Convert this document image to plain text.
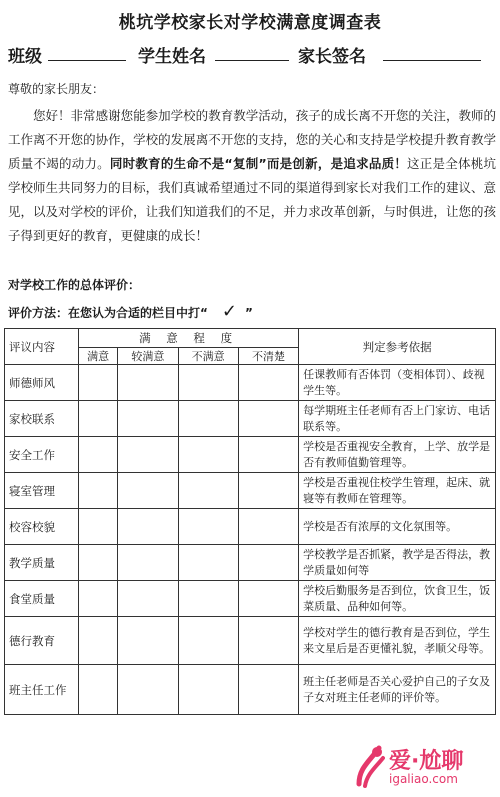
桃坑学校家长对学校满意度调查表
班级	学生姓名	家长签名
尊敬的家长朋友：
您好！非常感谢您能参加学校的教育教学活动，孩子的成长离不开您的关注，教师的工作离不开您的协作，学校的发展离不开您的支持，您的关心和支持是学校提升教育教学质量不竭的动力。同时教育的生命不是“复制”而是创新，是追求品质！这正是全体桃坑学校师生共同努力的目标，我们真诚希望通过不同的渠道得到家长对我们工作的建议、意见，以及对学校的评价，让我们知道我们的不足，并力求改革创新，与时俱进，让您的孩子得到更好的教育，更健康的成长！
对学校工作的总体评价：
评价方法：在您认为合适的栏目中打“ ✓ ”
评议内容	满 意 程 度				判定参考依据
	满意	较满意	不满意	不清楚	
师德师风					任课教师有否体罚（变相体罚）、歧视学生等。
家校联系					每学期班主任老师有否上门家访、电话联系等。
安全工作					学校是否重视安全教育，上学、放学是否有教师值勤管理等。
寝室管理					学校是否重视住校学生管理，起床、就寝等有教师在管理等。
校容校貌					学校是否有浓厚的文化氛围等。
教学质量					学校教学是否抓紧，教学是否得法，教学质量如何等
食堂质量					学校后勤服务是否到位，饮食卫生，饭菜质量、品种如何等。
德行教育					学校对学生的德行教育是否到位，学生来文星后是否更懂礼貌，孝顺父母等。
班主任工作					班主任老师是否关心爱护自己的子女及子女对班主任老师的评价等。
爱·尬聊
igaliao.com
